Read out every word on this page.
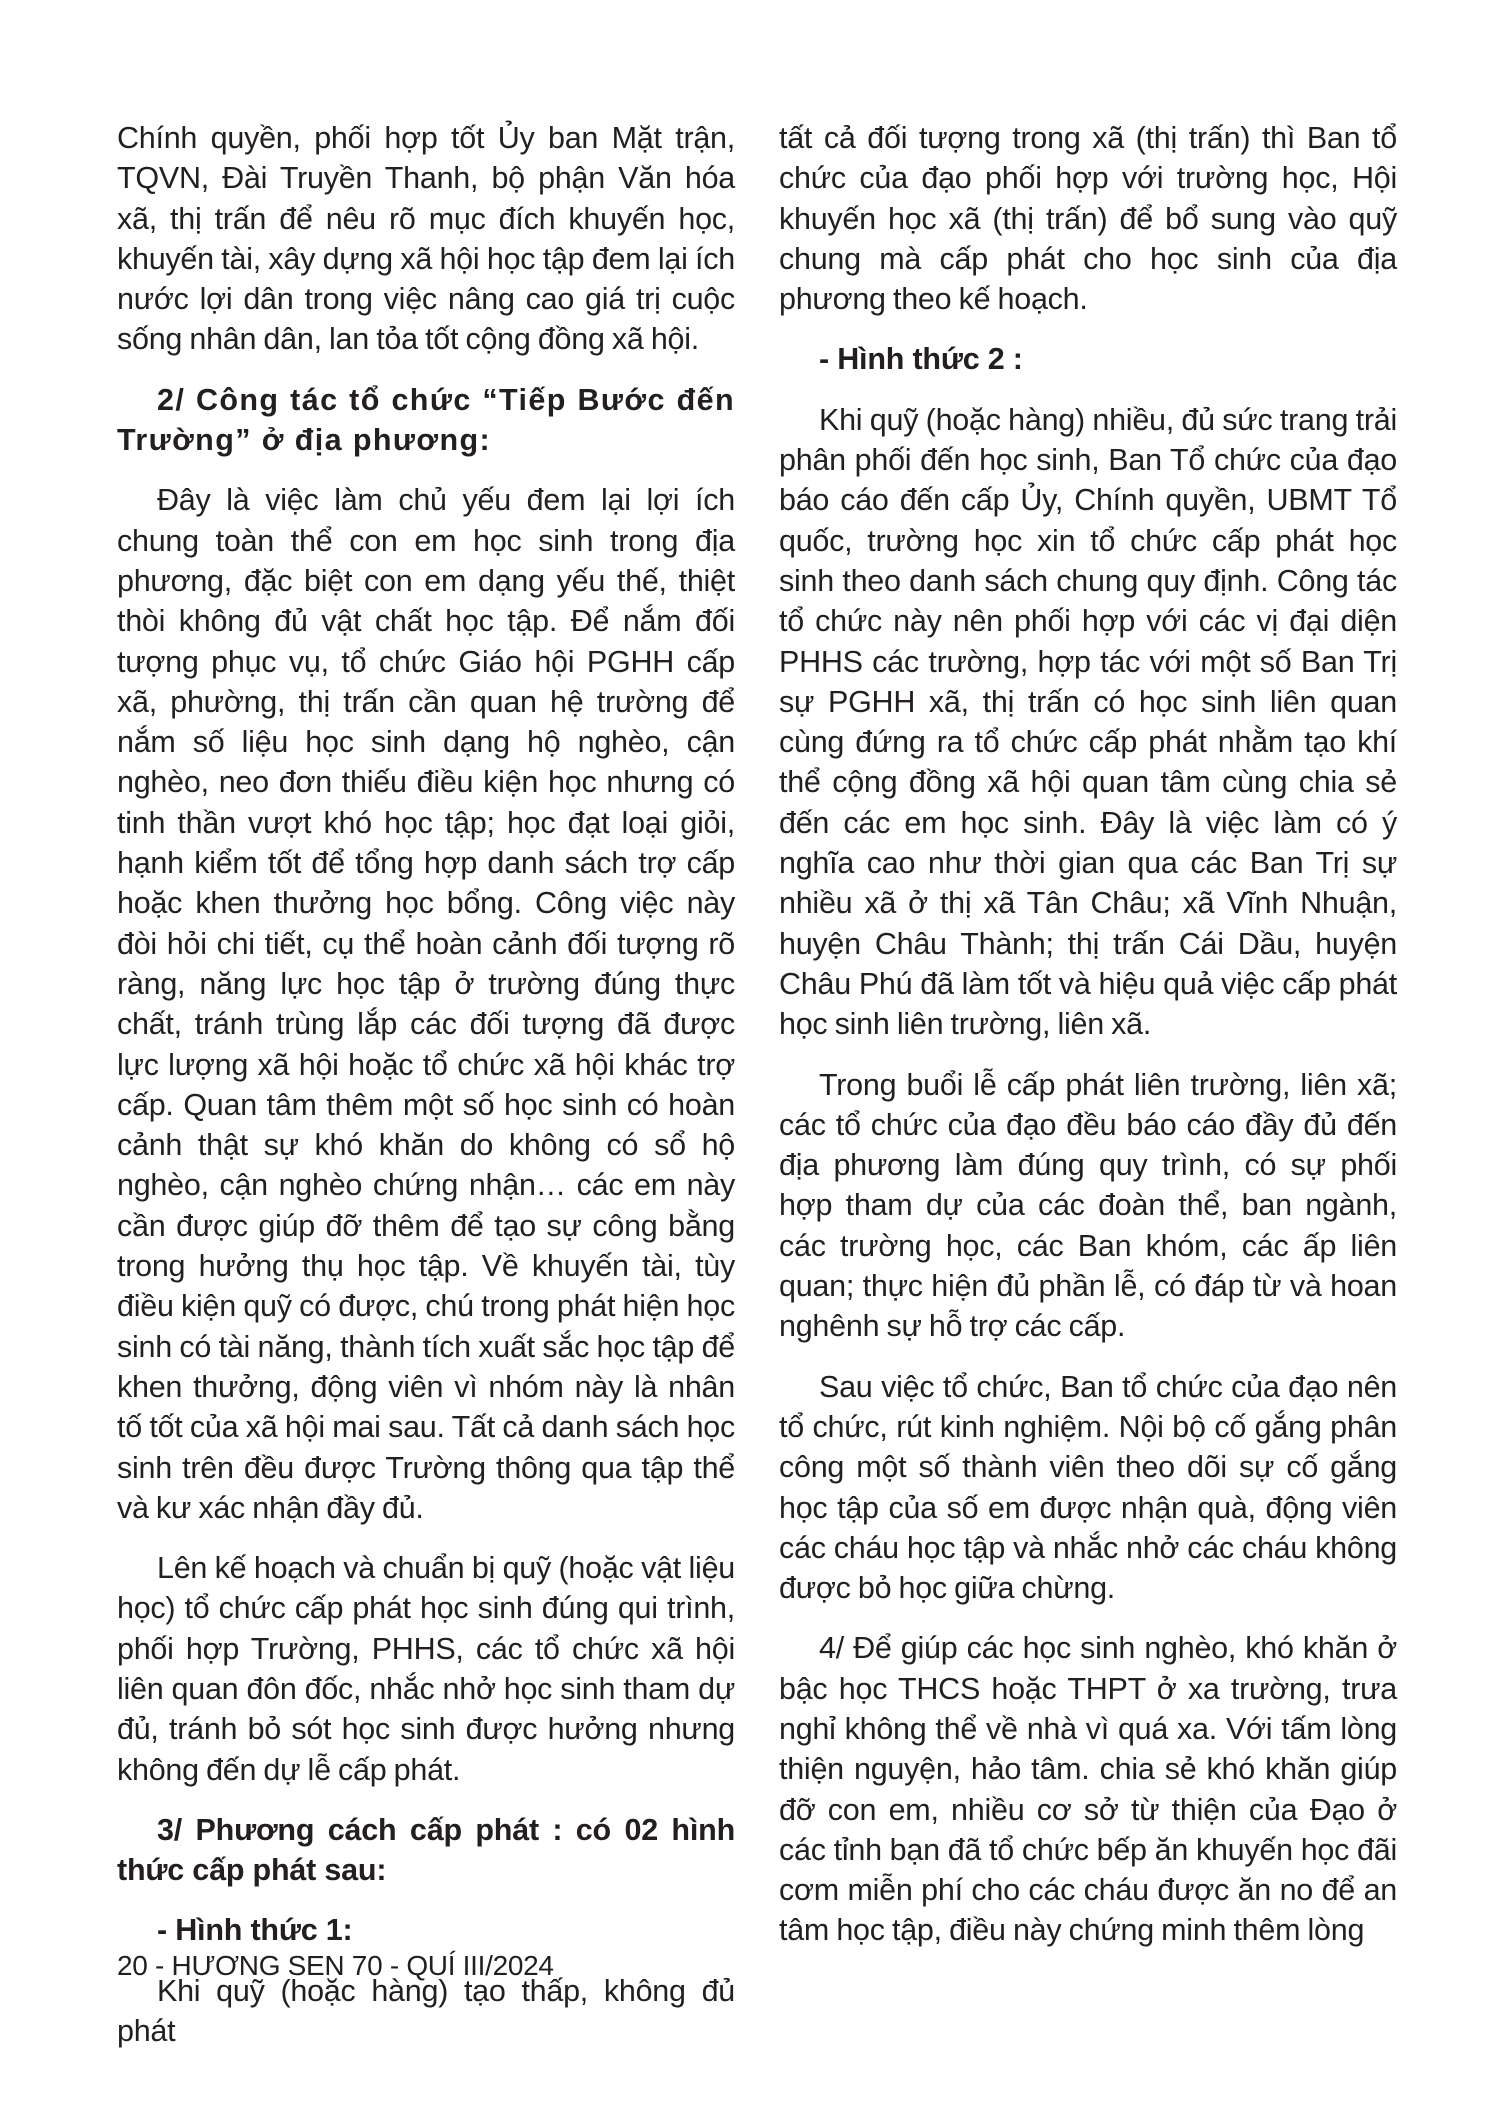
Chính quyền, phối hợp tốt Ủy ban Mặt trận, TQVN, Đài Truyền Thanh, bộ phận Văn hóa xã, thị trấn để nêu rõ mục đích khuyến học, khuyến tài, xây dựng xã hội học tập đem lại ích nước lợi dân trong việc nâng cao giá trị cuộc sống nhân dân, lan tỏa tốt cộng đồng xã hội.

2/ Công tác tổ chức “Tiếp Bước đến Trường” ở địa phương:

Đây là việc làm chủ yếu đem lại lợi ích chung toàn thể con em học sinh trong địa phương, đặc biệt con em dạng yếu thế, thiệt thòi không đủ vật chất học tập. Để nắm đối tượng phục vụ, tổ chức Giáo hội PGHH cấp xã, phường, thị trấn cần quan hệ trường để nắm số liệu học sinh dạng hộ nghèo, cận nghèo, neo đơn thiếu điều kiện học nhưng có tinh thần vượt khó học tập; học đạt loại giỏi, hạnh kiểm tốt để tổng hợp danh sách trợ cấp hoặc khen thưởng học bổng. Công việc này đòi hỏi chi tiết, cụ thể hoàn cảnh đối tượng rõ ràng, năng lực học tập ở trường đúng thực chất, tránh trùng lắp các đối tượng đã được lực lượng xã hội hoặc tổ chức xã hội khác trợ cấp. Quan tâm thêm một số học sinh có hoàn cảnh thật sự khó khăn do không có sổ hộ nghèo, cận nghèo chứng nhận… các em này cần được giúp đỡ thêm để tạo sự công bằng trong hưởng thụ học tập. Về khuyến tài, tùy điều kiện quỹ có được, chú trong phát hiện học sinh có tài năng, thành tích xuất sắc học tập để khen thưởng, động viên vì nhóm này là nhân tố tốt của xã hội mai sau. Tất cả danh sách học sinh trên đều được Trường thông qua tập thể và kư xác nhận đầy đủ.

Lên kế hoạch và chuẩn bị quỹ (hoặc vật liệu học) tổ chức cấp phát học sinh đúng qui trình, phối hợp Trường, PHHS, các tổ chức xã hội liên quan đôn đốc, nhắc nhở học sinh tham dự đủ, tránh bỏ sót học sinh được hưởng nhưng không đến dự lễ cấp phát.

3/ Phương cách cấp phát : có 02 hình thức cấp phát sau:
- Hình thức 1:

Khi quỹ (hoặc hàng) tạo thấp, không đủ phát

tất cả đối tượng trong xã (thị trấn) thì Ban tổ chức của đạo phối hợp với trường học, Hội khuyến học xã (thị trấn) để bổ sung vào quỹ chung mà cấp phát cho học sinh của địa phương theo kế hoạch.

- Hình thức 2 :

Khi quỹ (hoặc hàng) nhiều, đủ sức trang trải phân phối đến học sinh, Ban Tổ chức của đạo báo cáo đến cấp Ủy, Chính quyền, UBMT Tổ quốc, trường học xin tổ chức cấp phát học sinh theo danh sách chung quy định. Công tác tổ chức này nên phối hợp với các vị đại diện PHHS các trường, hợp tác với một số Ban Trị sự PGHH xã, thị trấn có học sinh liên quan cùng đứng ra tổ chức cấp phát nhằm tạo khí thể cộng đồng xã hội quan tâm cùng chia sẻ đến các em học sinh. Đây là việc làm có ý nghĩa cao như thời gian qua các Ban Trị sự nhiều xã ở thị xã Tân Châu; xã Vĩnh Nhuận, huyện Châu Thành; thị trấn Cái Dầu, huyện Châu Phú đã làm tốt và hiệu quả việc cấp phát học sinh liên trường, liên xã.

Trong buổi lễ cấp phát liên trường, liên xã; các tổ chức của đạo đều báo cáo đầy đủ đến địa phương làm đúng quy trình, có sự phối hợp tham dự của các đoàn thể, ban ngành, các trường học, các Ban khóm, các ấp liên quan; thực hiện đủ phần lễ, có đáp từ và hoan nghênh sự hỗ trợ các cấp.

Sau việc tổ chức, Ban tổ chức của đạo nên tổ chức, rút kinh nghiệm. Nội bộ cố gắng phân công một số thành viên theo dõi sự cố gắng học tập của số em được nhận quà, động viên các cháu học tập và nhắc nhở các cháu không được bỏ học giữa chừng.

4/ Để giúp các học sinh nghèo, khó khăn ở bậc học THCS hoặc THPT ở xa trường, trưa nghỉ không thể về nhà vì quá xa. Với tấm lòng thiện nguyện, hảo tâm. chia sẻ khó khăn giúp đỡ con em, nhiều cơ sở từ thiện của Đạo ở các tỉnh bạn đã tổ chức bếp ăn khuyến học đãi cơm miễn phí cho các cháu được ăn no để an tâm học tập, điều này chứng minh thêm lòng

20 - HƯƠNG SEN 70 - QUÍ III/2024
